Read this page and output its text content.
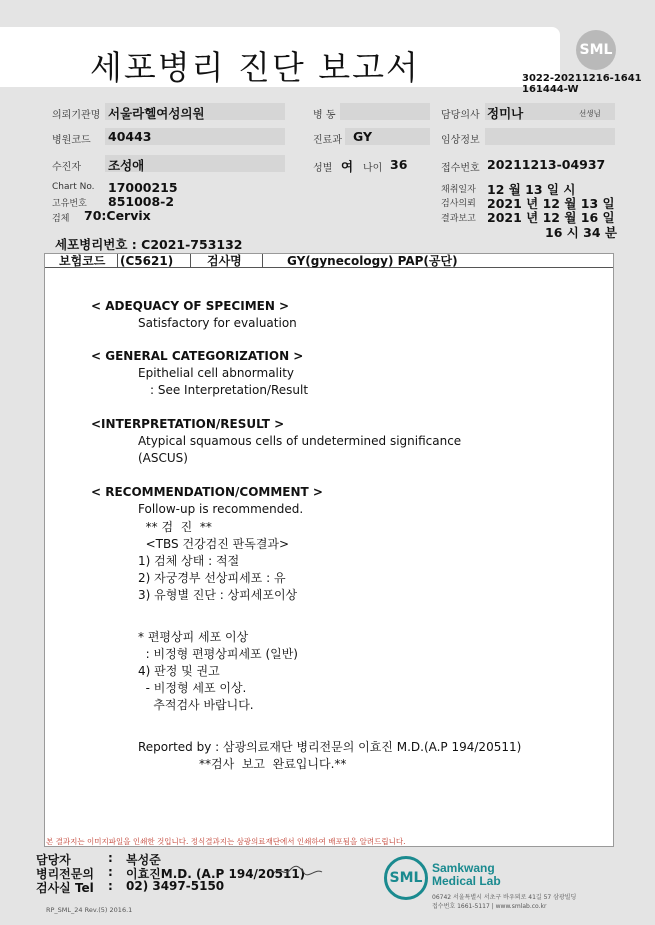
세포병리 진단 보고서	SML
3022-20211216-1641
161444-W
의뢰기관명 서울라헬여성의원	병 동	담당의사 정미나	선생님
병원코드 40443	진료과 GY	임상정보
수진자 조성애	성별 여 나이 36	접수번호 20211213-04937
Chart No. 17000215
고유번호 851008-2
검체 70:Cervix
채취일자 12 월 13 일 시
검사의뢰 2021 년 12 월 13 일
결과보고 2021 년 12 월 16 일
16 시 34 분
세포병리번호 : C2021-753132
보험코드 (C5621)	검사명	GY(gynecology) PAP(공단)
< ADEQUACY OF SPECIMEN >
Satisfactory for evaluation
< GENERAL CATEGORIZATION >
Epithelial cell abnormality
: See Interpretation/Result
<INTERPRETATION/RESULT >
Atypical squamous cells of undetermined significance
(ASCUS)
< RECOMMENDATION/COMMENT >
Follow-up is recommended.
** 검  진  **
<TBS 건강검진 판독결과>
1) 검체 상태 : 적절
2) 자궁경부 선상피세포 : 유
3) 유형별 진단 : 상피세포이상
* 편평상피 세포 이상
: 비정형 편평상피세포 (일반)
4) 판정 및 권고
- 비정형 세포 이상.
추적검사 바랍니다.
Reported by : 삼광의료재단 병리전문의 이효진 M.D.(A.P 194/20511)
**검사  보고  완료입니다.**
본 결과지는 이미지파일을 인쇄한 것입니다. 정식결과지는 삼광의료재단에서 인쇄하여 배포됨을 알려드립니다.
담당자	: 복성준
병리전문의 : 이효진M.D. (A.P 194/20511)
검사실 Tel : 02) 3497-5150
RP_SML_24 Rev.(5) 2016.1
SML
Samkwang
Medical Lab
06742 서울특별시 서초구 바우뫼로 41길 57 삼광빌딩
접수번호 1661-5117 | www.smlab.co.kr
